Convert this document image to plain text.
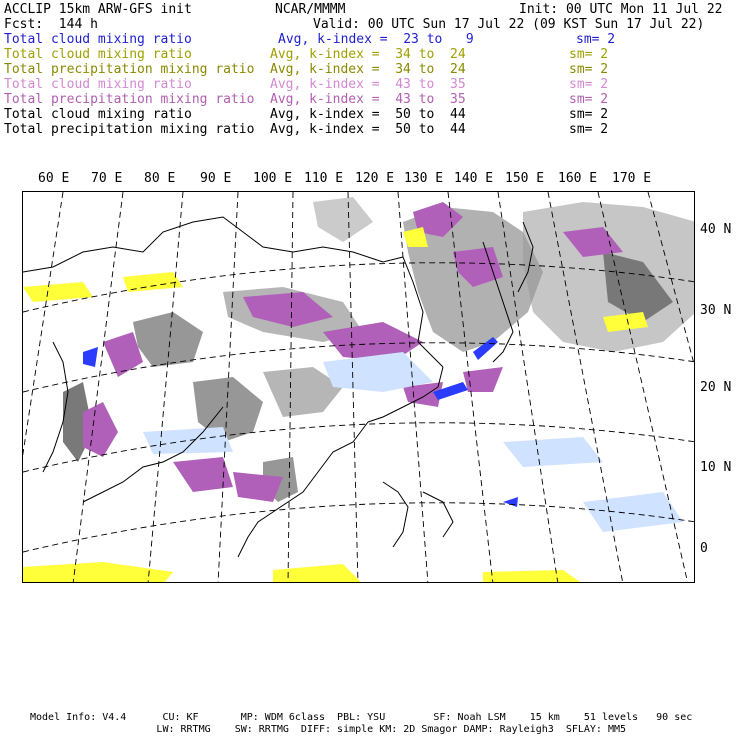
ACCLIP 15km ARW-GFS init	NCAR/MMMM	Init: 00 UTC Mon 11 Jul 22
Fcst:  144 h	Valid: 00 UTC Sun 17 Jul 22 (09 KST Sun 17 Jul 22)
Total cloud mixing ratio	Avg, k-index =  23 to   9	sm= 2
Total cloud mixing ratio	Avg, k-index =  34 to  24	sm= 2
Total precipitation mixing ratio Avg, k-index =  34 to  24	sm= 2
Total cloud mixing ratio	Avg, k-index =  43 to  35	sm= 2
Total precipitation mixing ratio Avg, k-index =  43 to  35	sm= 2
Total cloud mixing ratio	Avg, k-index =  50 to  44	sm= 2
Total precipitation mixing ratio Avg, k-index =  50 to  44	sm= 2
60 E 70 E 80 E 90 E 100 E 110 E 120 E 130 E 140 E 150 E 160 E 170 E
40 N
30 N
20 N
10 N
0
Model Info: V4.4      CU: KF       MP: WDM 6class  PBL: YSU        SF: Noah LSM    15 km    51 levels   90 sec
LW: RRTMG    SW: RRTMG  DIFF: simple KM: 2D Smagor DAMP: Rayleigh3  SFLAY: MM5
